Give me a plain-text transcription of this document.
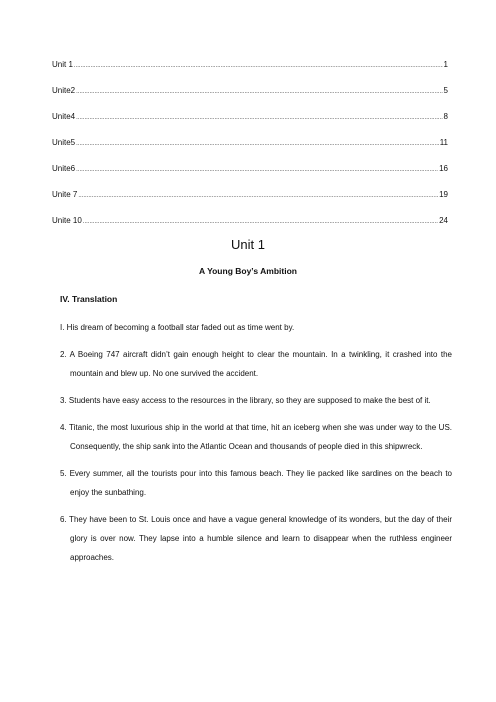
Unit 1 .....	1
Unite2 .....	5
Unite4 .....	8
Unite5 .....	11
Unite6 .....	16
Unite 7 .....	19
Unite 10 .....	24
Unit 1
A Young Boy’s Ambition
IV. Translation

I. His dream of becoming a football star faded out as time went by.

2. A Boeing 747 aircraft didn’t gain enough height to clear the mountain. In a twinkling, it crashed into the mountain and blew up. No one survived the accident.

3. Students have easy access to the resources in the library, so they are supposed to make the best of it.

4. Titanic, the most luxurious ship in the world at that time, hit an iceberg when she was under way to the US. Consequently, the ship sank into the Atlantic Ocean and thousands of people died in this shipwreck.

5. Every summer, all the tourists pour into this famous beach. They lie packed like sardines on the beach to enjoy the sunbathing.

6. They have been to St. Louis once and have a vague general knowledge of its wonders, but the day of their glory is over now. They lapse into a humble silence and learn to disappear when the ruthless engineer approaches.
